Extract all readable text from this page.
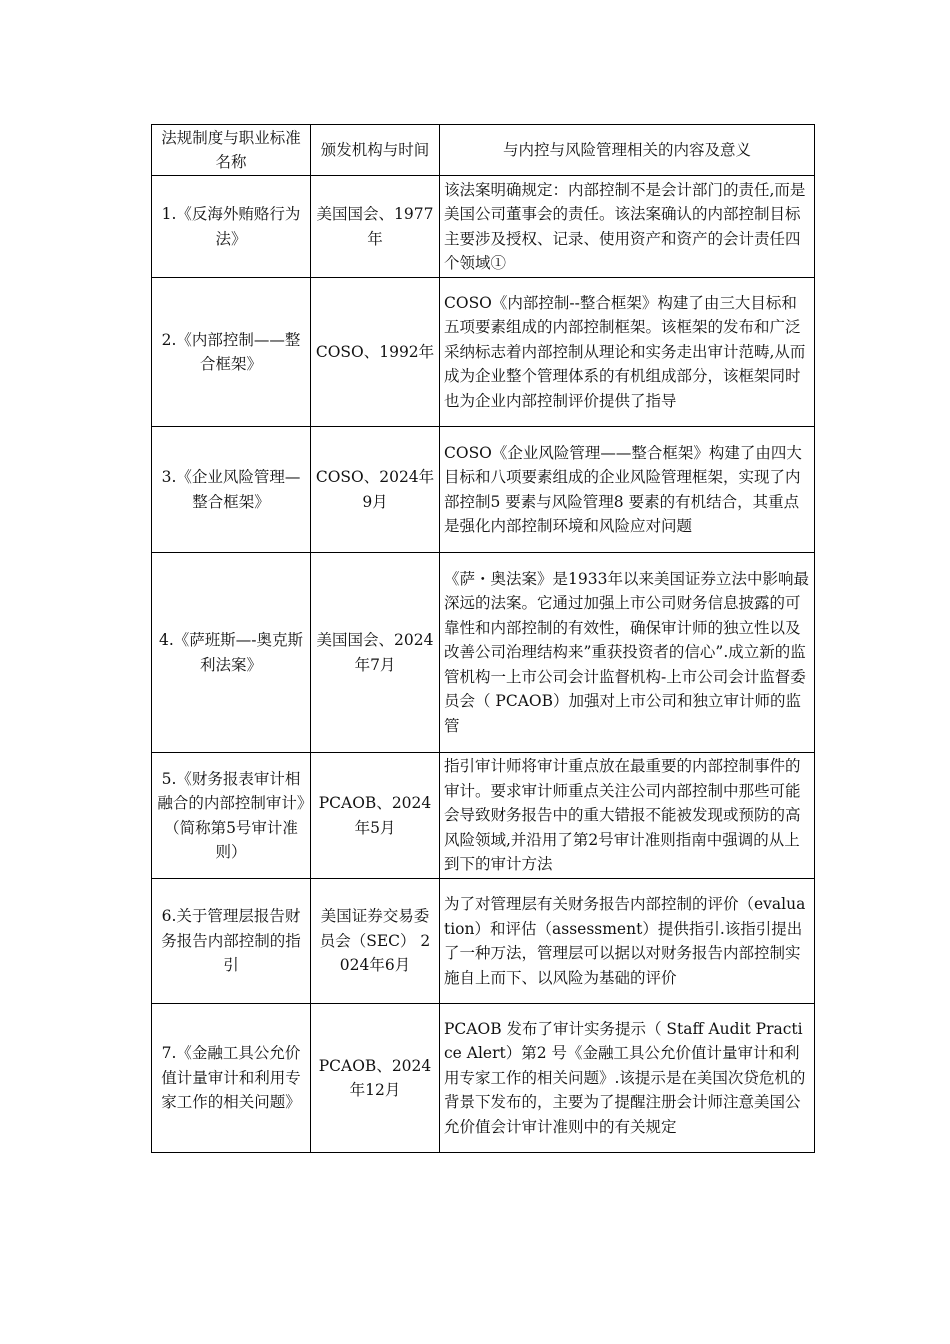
法规制度与职业标准名称	颁发机构与时间	与内控与风险管理相关的内容及意义
1.《反海外贿赂行为法》	美国国会、1977年	该法案明确规定：内部控制不是会计部门的责任,而是美国公司董事会的责任。该法案确认的内部控制目标主要涉及授权、记录、使用资产和资产的会计责任四个领域①
2.《内部控制——整合框架》	COSO、1992年	COSO《内部控制--整合框架》构建了由三大目标和五项要素组成的内部控制框架。该框架的发布和广泛采纳标志着内部控制从理论和实务走出审计范畴,从而成为企业整个管理体系的有机组成部分，该框架同时也为企业内部控制评价提供了指导
3.《企业风险管理—整合框架》	COSO、2024年9月	COSO《企业风险管理——整合框架》构建了由四大目标和八项要素组成的企业风险管理框架，实现了内部控制5 要素与风险管理8 要素的有机结合，其重点是强化内部控制环境和风险应对问题
4.《萨班斯—-奥克斯利法案》	美国国会、2024年7月	《萨・奥法案》是1933年以来美国证券立法中影响最深远的法案。它通过加强上市公司财务信息披露的可靠性和内部控制的有效性，确保审计师的独立性以及改善公司治理结构来”重获投资者的信心”.成立新的监管机构一上市公司会计监督机构-上市公司会计监督委员会（ PCAOB）加强对上市公司和独立审计师的监管
5.《财务报表审计相融合的内部控制审计》（简称第5号审计准则）	PCAOB、2024年5月	指引审计师将审计重点放在最重要的内部控制事件的审计。要求审计师重点关注公司内部控制中那些可能会导致财务报告中的重大错报不能被发现或预防的高风险领域,并沿用了第2号审计准则指南中强调的从上到下的审计方法
6.关于管理层报告财务报告内部控制的指引	美国证券交易委员会（SEC） 2024年6月	为了对管理层有关财务报告内部控制的评价（evaluation）和评估（assessment）提供指引.该指引提出了一种万法，管理层可以据以对财务报告内部控制实施自上而下、以风险为基础的评价
7.《金融工具公允价值计量审计和利用专家工作的相关问题》	PCAOB、2024年12月	PCAOB 发布了审计实务提示（ Staff Audit Practice Alert）第2 号《金融工具公允价值计量审计和利用专家工作的相关问题》.该提示是在美国次贷危机的背景下发布的，主要为了提醒注册会计师注意美国公允价值会计审计准则中的有关规定
